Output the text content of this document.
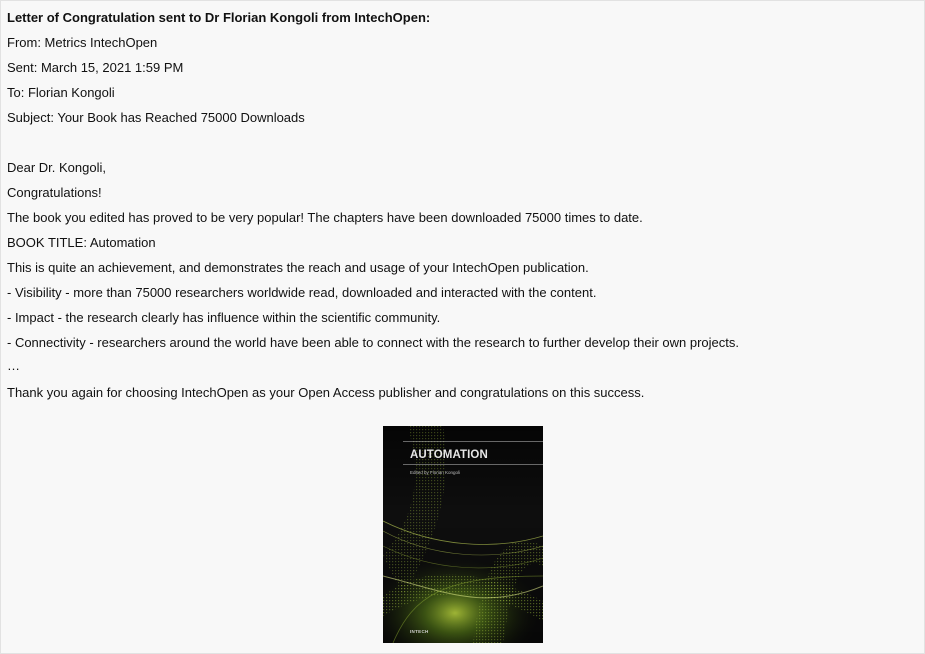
Letter of Congratulation sent to Dr Florian Kongoli from IntechOpen:
From: Metrics IntechOpen
Sent: March 15, 2021 1:59 PM
To: Florian Kongoli
Subject: Your Book has Reached 75000 Downloads
Dear Dr. Kongoli,
Congratulations!
The book you edited has proved to be very popular! The chapters have been downloaded 75000 times to date.
BOOK TITLE: Automation
This is quite an achievement, and demonstrates the reach and usage of your IntechOpen publication.
- Visibility - more than 75000 researchers worldwide read, downloaded and interacted with the content.
- Impact - the research clearly has influence within the scientific community.
- Connectivity - researchers around the world have been able to connect with the research to further develop their own projects.
…
Thank you again for choosing IntechOpen as your Open Access publisher and congratulations on this success.
AUTOMATION
Edited by Florian Kongoli
INTECH
